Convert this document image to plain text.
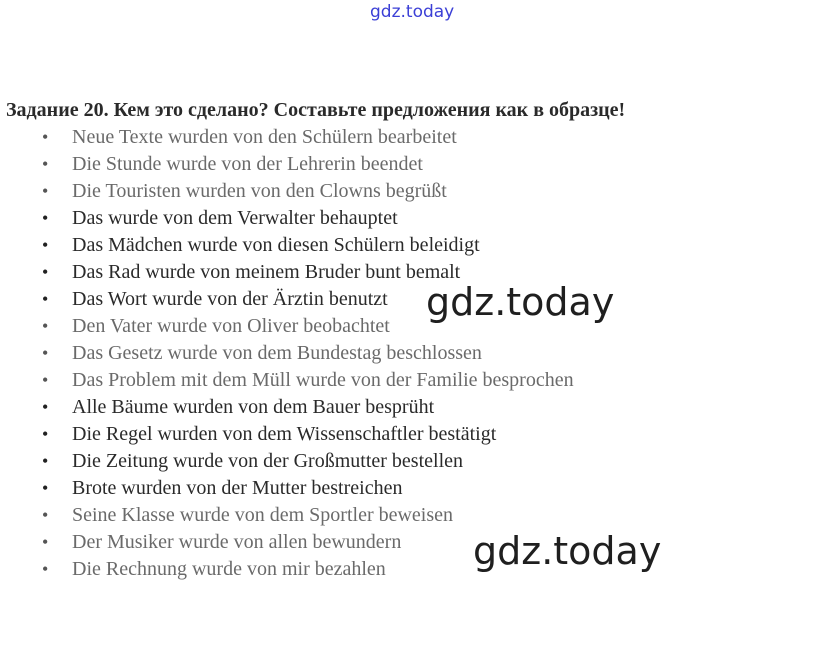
gdz.today
Задание 20. Кем это сделано? Составьте предложения как в образце!
• Neue Texte wurden von den Schülern bearbeitet
• Die Stunde wurde von der Lehrerin beendet
• Die Touristen wurden von den Clowns begrüßt
• Das wurde von dem Verwalter behauptet
• Das Mädchen wurde von diesen Schülern beleidigt
• Das Rad wurde von meinem Bruder bunt bemalt
• Das Wort wurde von der Ärztin benutzt
• Den Vater wurde von Oliver beobachtet
• Das Gesetz wurde von dem Bundestag beschlossen
• Das Problem mit dem Müll wurde von der Familie besprochen
• Alle Bäume wurden von dem Bauer besprüht
• Die Regel wurden von dem Wissenschaftler bestätigt
• Die Zeitung wurde von der Großmutter bestellen
• Brote wurden von der Mutter bestreichen
• Seine Klasse wurde von dem Sportler beweisen
• Der Musiker wurde von allen bewundern
• Die Rechnung wurde von mir bezahlen
gdz.today
gdz.today
